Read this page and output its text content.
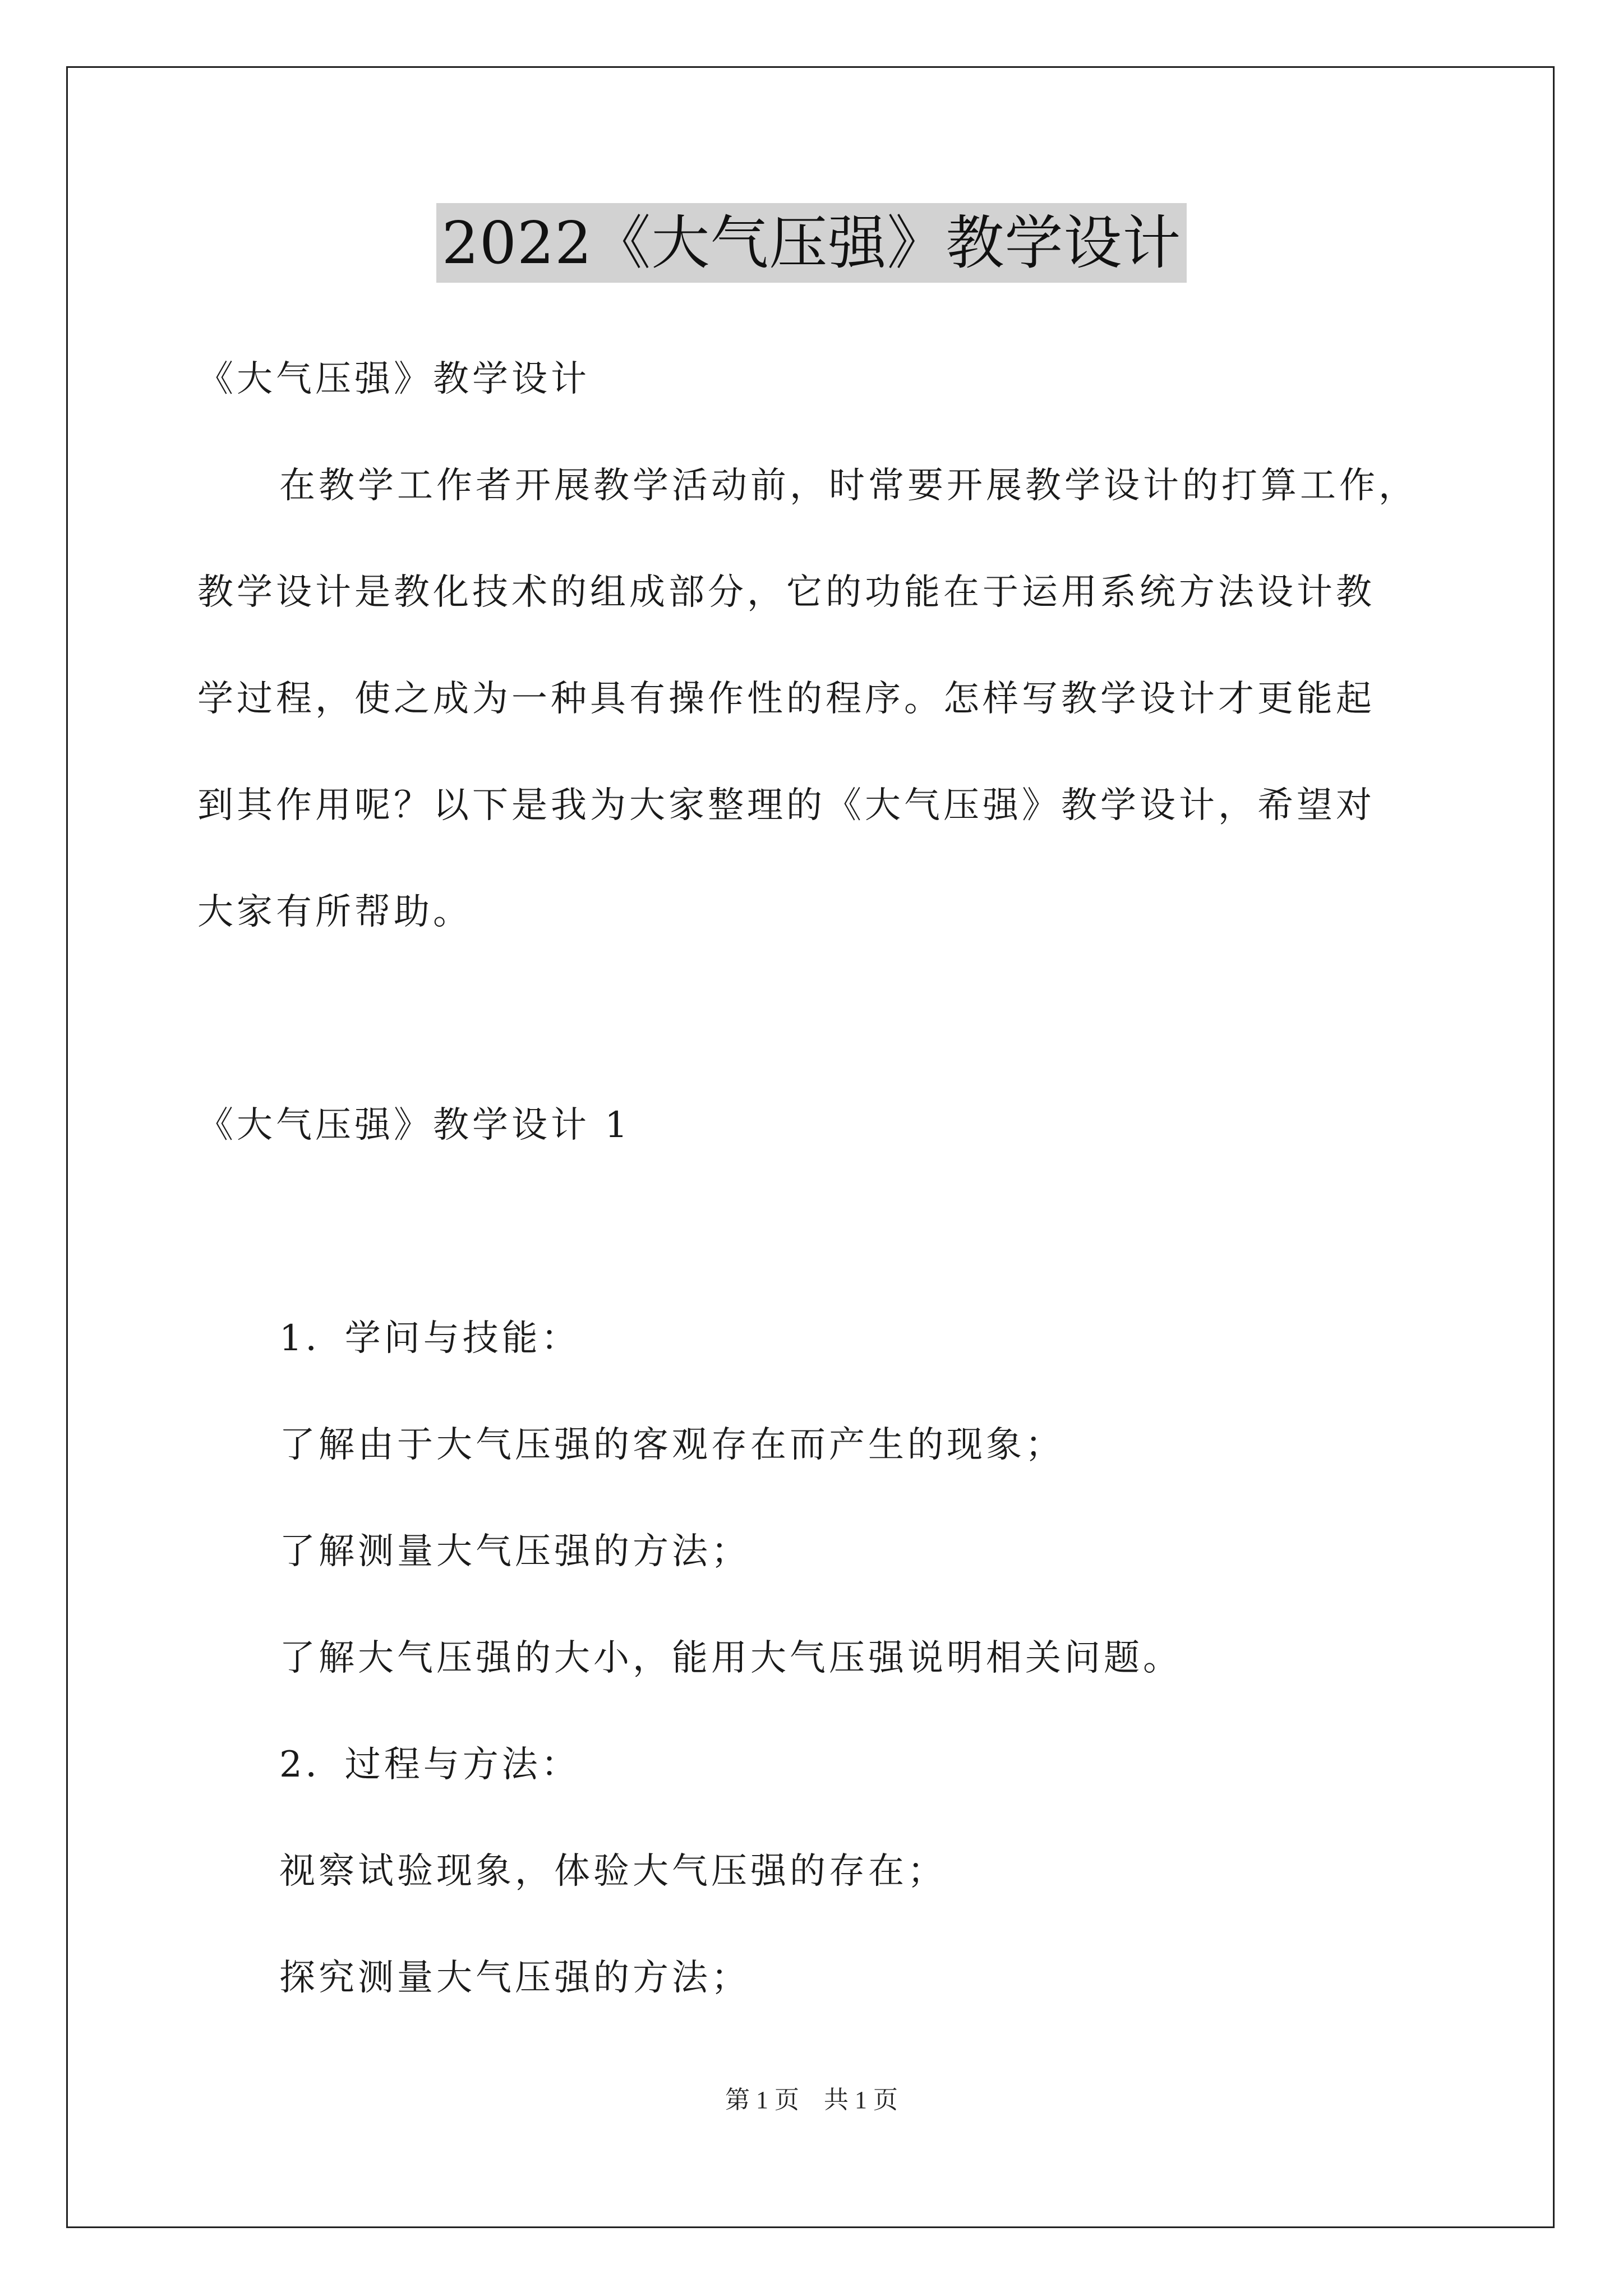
2022《大气压强》教学设计
《大气压强》教学设计
在教学工作者开展教学活动前，时常要开展教学设计的打算工作，
教学设计是教化技术的组成部分，它的功能在于运用系统方法设计教
学过程，使之成为一种具有操作性的程序。怎样写教学设计才更能起
到其作用呢？以下是我为大家整理的《大气压强》教学设计，希望对
大家有所帮助。
《大气压强》教学设计 1
1．学问与技能：
了解由于大气压强的客观存在而产生的现象；
了解测量大气压强的方法；
了解大气压强的大小，能用大气压强说明相关问题。
2．过程与方法：
视察试验现象，体验大气压强的存在；
探究测量大气压强的方法；
第 1 页 共 1 页
